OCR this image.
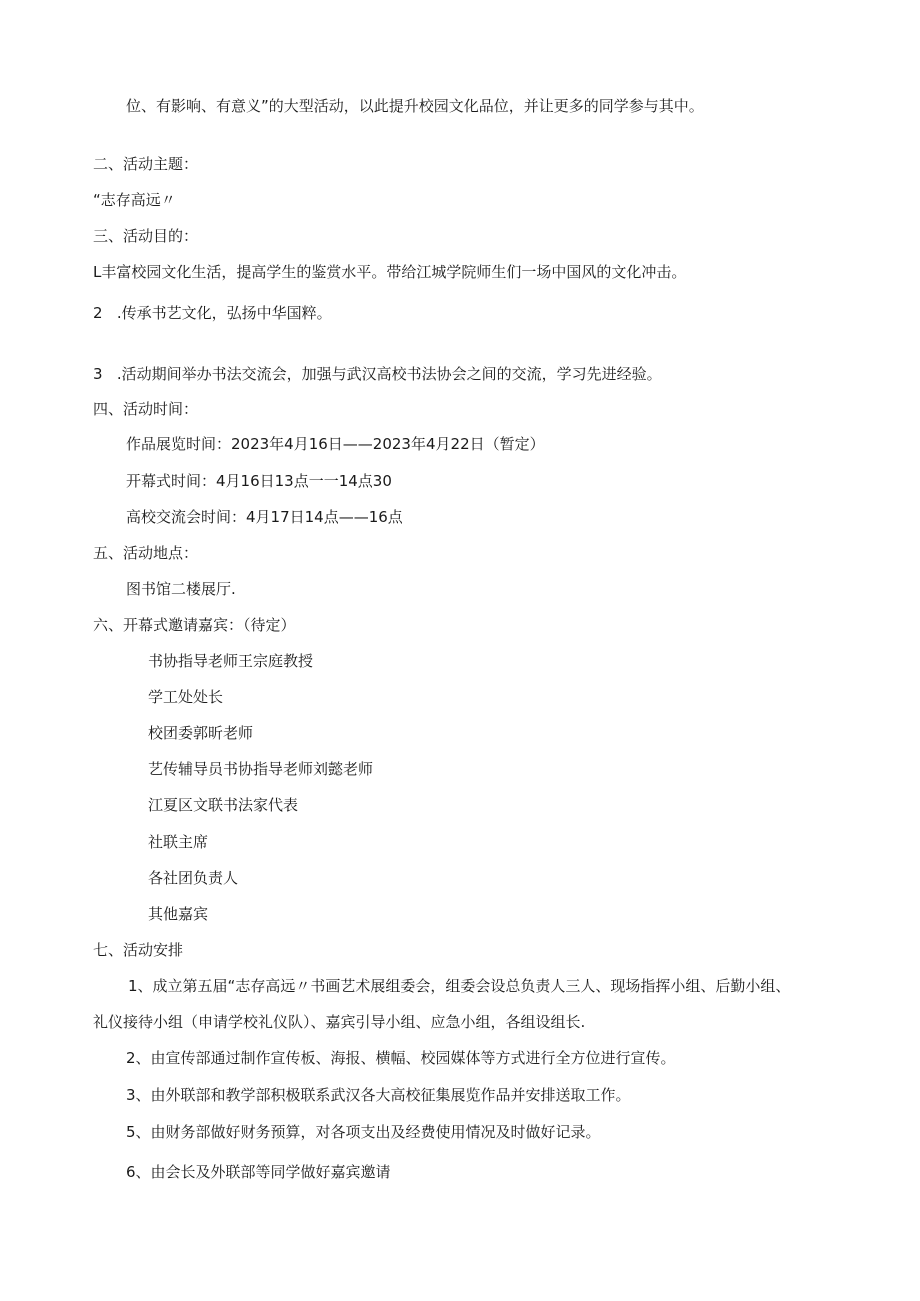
位、有影响、有意义”的大型活动，以此提升校园文化品位，并让更多的同学参与其中。

二、活动主题：

“志存高远〃

三、活动目的：

L丰富校园文化生活，提高学生的鉴赏水平。带给江城学院师生们一场中国风的文化冲击。

2   .传承书艺文化，弘扬中华国粹。

3   .活动期间举办书法交流会，加强与武汉高校书法协会之间的交流，学习先进经验。

四、活动时间：

作品展览时间：2023年4月16日——2023年4月22日（暂定）

开幕式时间：4月16日13点一一14点30

高校交流会时间：4月17日14点——16点

五、活动地点：

图书馆二楼展厅.

六、开幕式邀请嘉宾：（待定）

书协指导老师王宗庭教授
学工处处长
校团委郭昕老师
艺传辅导员书协指导老师刘懿老师
江夏区文联书法家代表
社联主席
各社团负责人
其他嘉宾

七、活动安排

1、成立第五届“志存高远〃书画艺术展组委会，组委会设总负责人三人、现场指挥小组、后勤小组、

礼仪接待小组（申请学校礼仪队）、嘉宾引导小组、应急小组，各组设组长.

2、由宣传部通过制作宣传板、海报、横幅、校园媒体等方式进行全方位进行宣传。

3、由外联部和教学部积极联系武汉各大高校征集展览作品并安排送取工作。

5、由财务部做好财务预算，对各项支出及经费使用情况及时做好记录。

6、由会长及外联部等同学做好嘉宾邀请
